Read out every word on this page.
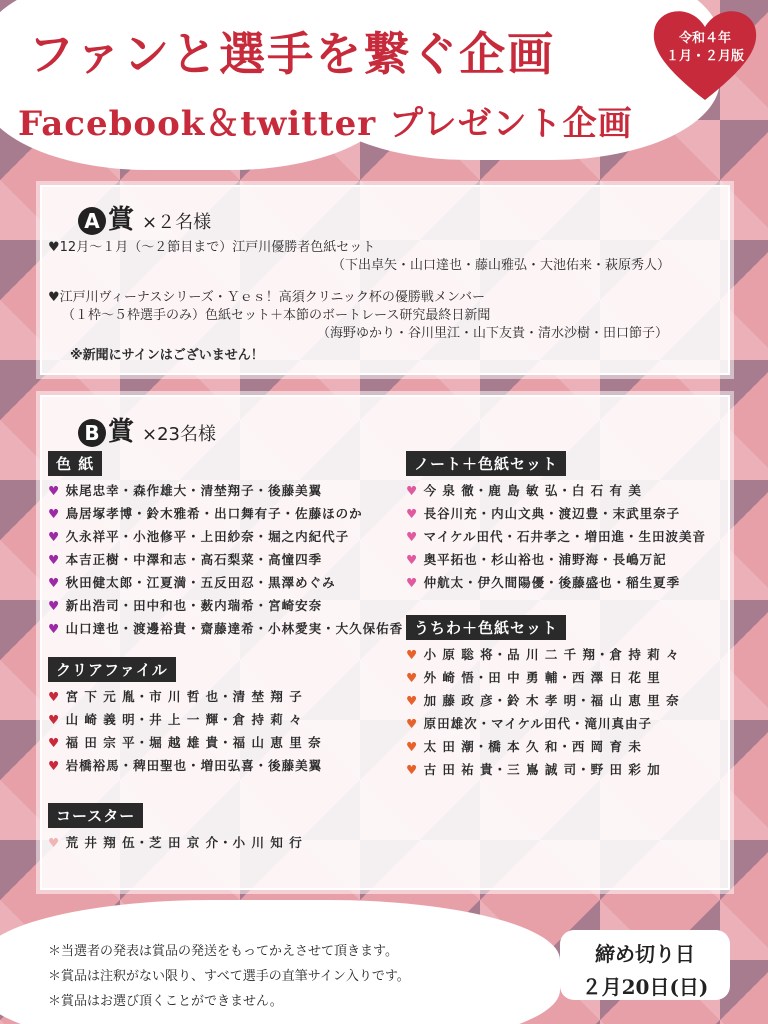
ファンと選手を繋ぐ企画
Facebook＆twitter プレゼント企画
令和４年
１月・２月版
A 賞 ×２名様
♥12月～１月（～２節目まで）江戸川優勝者色紙セット
（下出卓矢・山口達也・藤山雅弘・大池佑来・萩原秀人）
♥江戸川ヴィーナスシリーズ・Ｙｅｓ！高須クリニック杯の優勝戦メンバー
（１枠～５枠選手のみ）色紙セット＋本節のボートレース研究最終日新聞
（海野ゆかり・谷川里江・山下友貴・清水沙樹・田口節子）
※新聞にサインはございません！
B 賞 ×23名様
色 紙
♥ 妹尾忠幸・森作雄大・清埜翔子・後藤美翼
♥ 鳥居塚孝博・鈴木雅希・出口舞有子・佐藤ほのか
♥ 久永祥平・小池修平・上田紗奈・堀之内紀代子
♥ 本吉正樹・中澤和志・高石梨菜・高憧四季
♥ 秋田健太郎・江夏満・五反田忍・黒澤めぐみ
♥ 新出浩司・田中和也・薮内瑞希・宮崎安奈
♥ 山口達也・渡邊裕貴・齋藤達希・小林愛実・大久保佑香
クリアファイル
♥ 宮 下 元 胤・市 川 哲 也・清 埜 翔 子
♥ 山 崎 義 明・井 上 一 輝・倉 持 莉 々
♥ 福 田 宗 平・堀 越 雄 貴・福 山 恵 里 奈
♥ 岩橋裕馬・稗田聖也・増田弘喜・後藤美翼
コースター
♥ 荒 井 翔 伍・芝 田 京 介・小 川 知 行
ノート＋色紙セット
♥ 今 泉 徹・鹿 島 敏 弘・白 石 有 美
♥ 長谷川充・内山文典・渡辺豊・末武里奈子
♥ マイケル田代・石井孝之・増田進・生田波美音
♥ 奥平拓也・杉山裕也・浦野海・長嶋万記
♥ 仲航太・伊久間陽優・後藤盛也・稲生夏季
うちわ＋色紙セット
♥ 小 原 聡 将・品 川 二 千 翔・倉 持 莉 々
♥ 外 崎 悟・田 中 勇 輔・西 澤 日 花 里
♥ 加 藤 政 彦・鈴 木 孝 明・福 山 恵 里 奈
♥ 原田雄次・マイケル田代・滝川真由子
♥ 太 田 潮・橋 本 久 和・西 岡 育 未
♥ 古 田 祐 貴・三 嶌 誠 司・野 田 彩 加
＊当選者の発表は賞品の発送をもってかえさせて頂きます。
＊賞品は注釈がない限り、すべて選手の直筆サイン入りです。
＊賞品はお選び頂くことができません。
締め切り日
２月20日(日)
